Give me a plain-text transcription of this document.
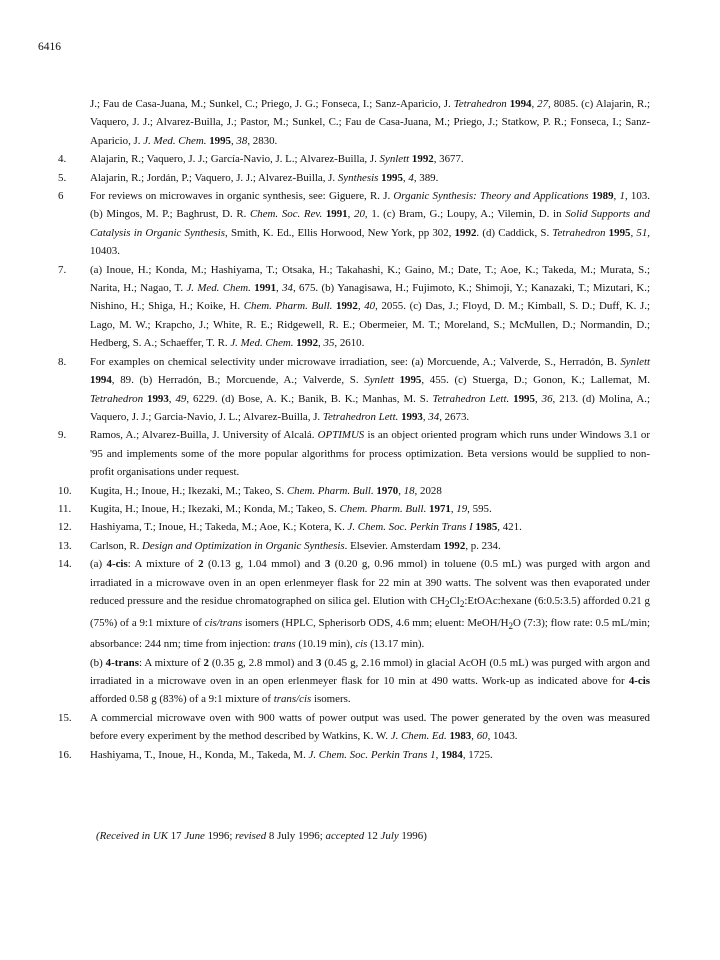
6416
J.; Fau de Casa-Juana, M.; Sunkel, C.; Priego, J. G.; Fonseca, I.; Sanz-Aparicio, J. Tetrahedron 1994, 27, 8085. (c) Alajarin, R.; Vaquero, J. J.; Alvarez-Builla, J.; Pastor, M.; Sunkel, C.; Fau de Casa-Juana, M.; Priego, J.; Statkow, P. R.; Fonseca, I.; Sanz-Aparicio, J. J. Med. Chem. 1995, 38, 2830.
4.	Alajarin, R.; Vaquero, J. J.; García-Navio, J. L.; Alvarez-Builla, J. Synlett 1992, 3677.
5.	Alajarin, R.; Jordán, P.; Vaquero, J. J.; Alvarez-Builla, J. Synthesis 1995, 4, 389.
6	For reviews on microwaves in organic synthesis, see: Giguere, R. J. Organic Synthesis: Theory and Applications 1989, 1, 103. (b) Mingos, M. P.; Baghrust, D. R. Chem. Soc. Rev. 1991, 20, 1. (c) Bram, G.; Loupy, A.; Vilemin, D. in Solid Supports and Catalysis in Organic Synthesis, Smith, K. Ed., Ellis Horwood, New York, pp 302, 1992. (d) Caddick, S. Tetrahedron 1995, 51, 10403.
7.	(a) Inoue, H.; Konda, M.; Hashiyama, T.; Otsaka, H.; Takahashi, K.; Gaino, M.; Date, T.; Aoe, K.; Takeda, M.; Murata, S.; Narita, H.; Nagao, T. J. Med. Chem. 1991, 34, 675. (b) Yanagisawa, H.; Fujimoto, K.; Shimoji, Y.; Kanazaki, T.; Mizutari, K.; Nishino, H.; Shiga, H.; Koike, H. Chem. Pharm. Bull. 1992, 40, 2055. (c) Das, J.; Floyd, D. M.; Kimball, S. D.; Duff, K. J.; Lago, M. W.; Krapcho, J.; White, R. E.; Ridgewell, R. E.; Obermeier, M. T.; Moreland, S.; McMullen, D.; Normandin, D.; Hedberg, S. A.; Schaeffer, T. R. J. Med. Chem. 1992, 35, 2610.
8.	For examples on chemical selectivity under microwave irradiation, see: (a) Morcuende, A.; Valverde, S., Herradón, B. Synlett 1994, 89. (b) Herradón, B.; Morcuende, A.; Valverde, S. Synlett 1995, 455. (c) Stuerga, D.; Gonon, K.; Lallemat, M. Tetrahedron 1993, 49, 6229. (d) Bose, A. K.; Banik, B. K.; Manhas, M. S. Tetrahedron Lett. 1995, 36, 213. (d) Molina, A.; Vaquero, J. J.; Garcia-Navio, J. L.; Alvarez-Builla, J. Tetrahedron Lett. 1993, 34, 2673.
9.	Ramos, A.; Alvarez-Builla, J. University of Alcalá. OPTIMUS is an object oriented program which runs under Windows 3.1 or '95 and implements some of the more popular algorithms for process optimization. Beta versions would be supplied to non-profit organisations under request.
10.	Kugita, H.; Inoue, H.; Ikezaki, M.; Takeo, S. Chem. Pharm. Bull. 1970, 18, 2028
11.	Kugita, H.; Inoue, H.; Ikezaki, M.; Konda, M.; Takeo, S. Chem. Pharm. Bull. 1971, 19, 595.
12.	Hashiyama, T.; Inoue, H.; Takeda, M.; Aoe, K.; Kotera, K. J. Chem. Soc. Perkin Trans I 1985, 421.
13.	Carlson, R. Design and Optimization in Organic Synthesis. Elsevier. Amsterdam 1992, p. 234.
14.	(a) 4-cis: A mixture of 2 (0.13 g, 1.04 mmol) and 3 (0.20 g, 0.96 mmol) in toluene (0.5 mL) was purged with argon and irradiated in a microwave oven in an open erlenmeyer flask for 22 min at 390 watts. The solvent was then evaporated under reduced pressure and the residue chromatographed on silica gel. Elution with $CH_2Cl_2:EtOAc:hexane$ (6:0.5:3.5) afforded 0.21 g (75%) of a 9:1 mixture of cis/trans isomers (HPLC, Spherisorb ODS, 4.6 mm; eluent: MeOH/$H_2O$ (7:3); flow rate: 0.5 mL/min; absorbance: 244 nm; time from injection: trans (10.19 min), cis (13.17 min).
(b) 4-trans: A mixture of 2 (0.35 g, 2.8 mmol) and 3 (0.45 g, 2.16 mmol) in glacial AcOH (0.5 mL) was purged with argon and irradiated in a microwave oven in an open erlenmeyer flask for 10 min at 490 watts. Work-up as indicated above for 4-cis afforded 0.58 g (83%) of a 9:1 mixture of trans/cis isomers.
15.	A commercial microwave oven with 900 watts of power output was used. The power generated by the oven was measured before every experiment by the method described by Watkins, K. W. J. Chem. Ed. 1983, 60, 1043.
16.	Hashiyama, T., Inoue, H., Konda, M., Takeda, M. J. Chem. Soc. Perkin Trans 1, 1984, 1725.
(Received in UK 17 June 1996; revised 8 July 1996; accepted 12 July 1996)
